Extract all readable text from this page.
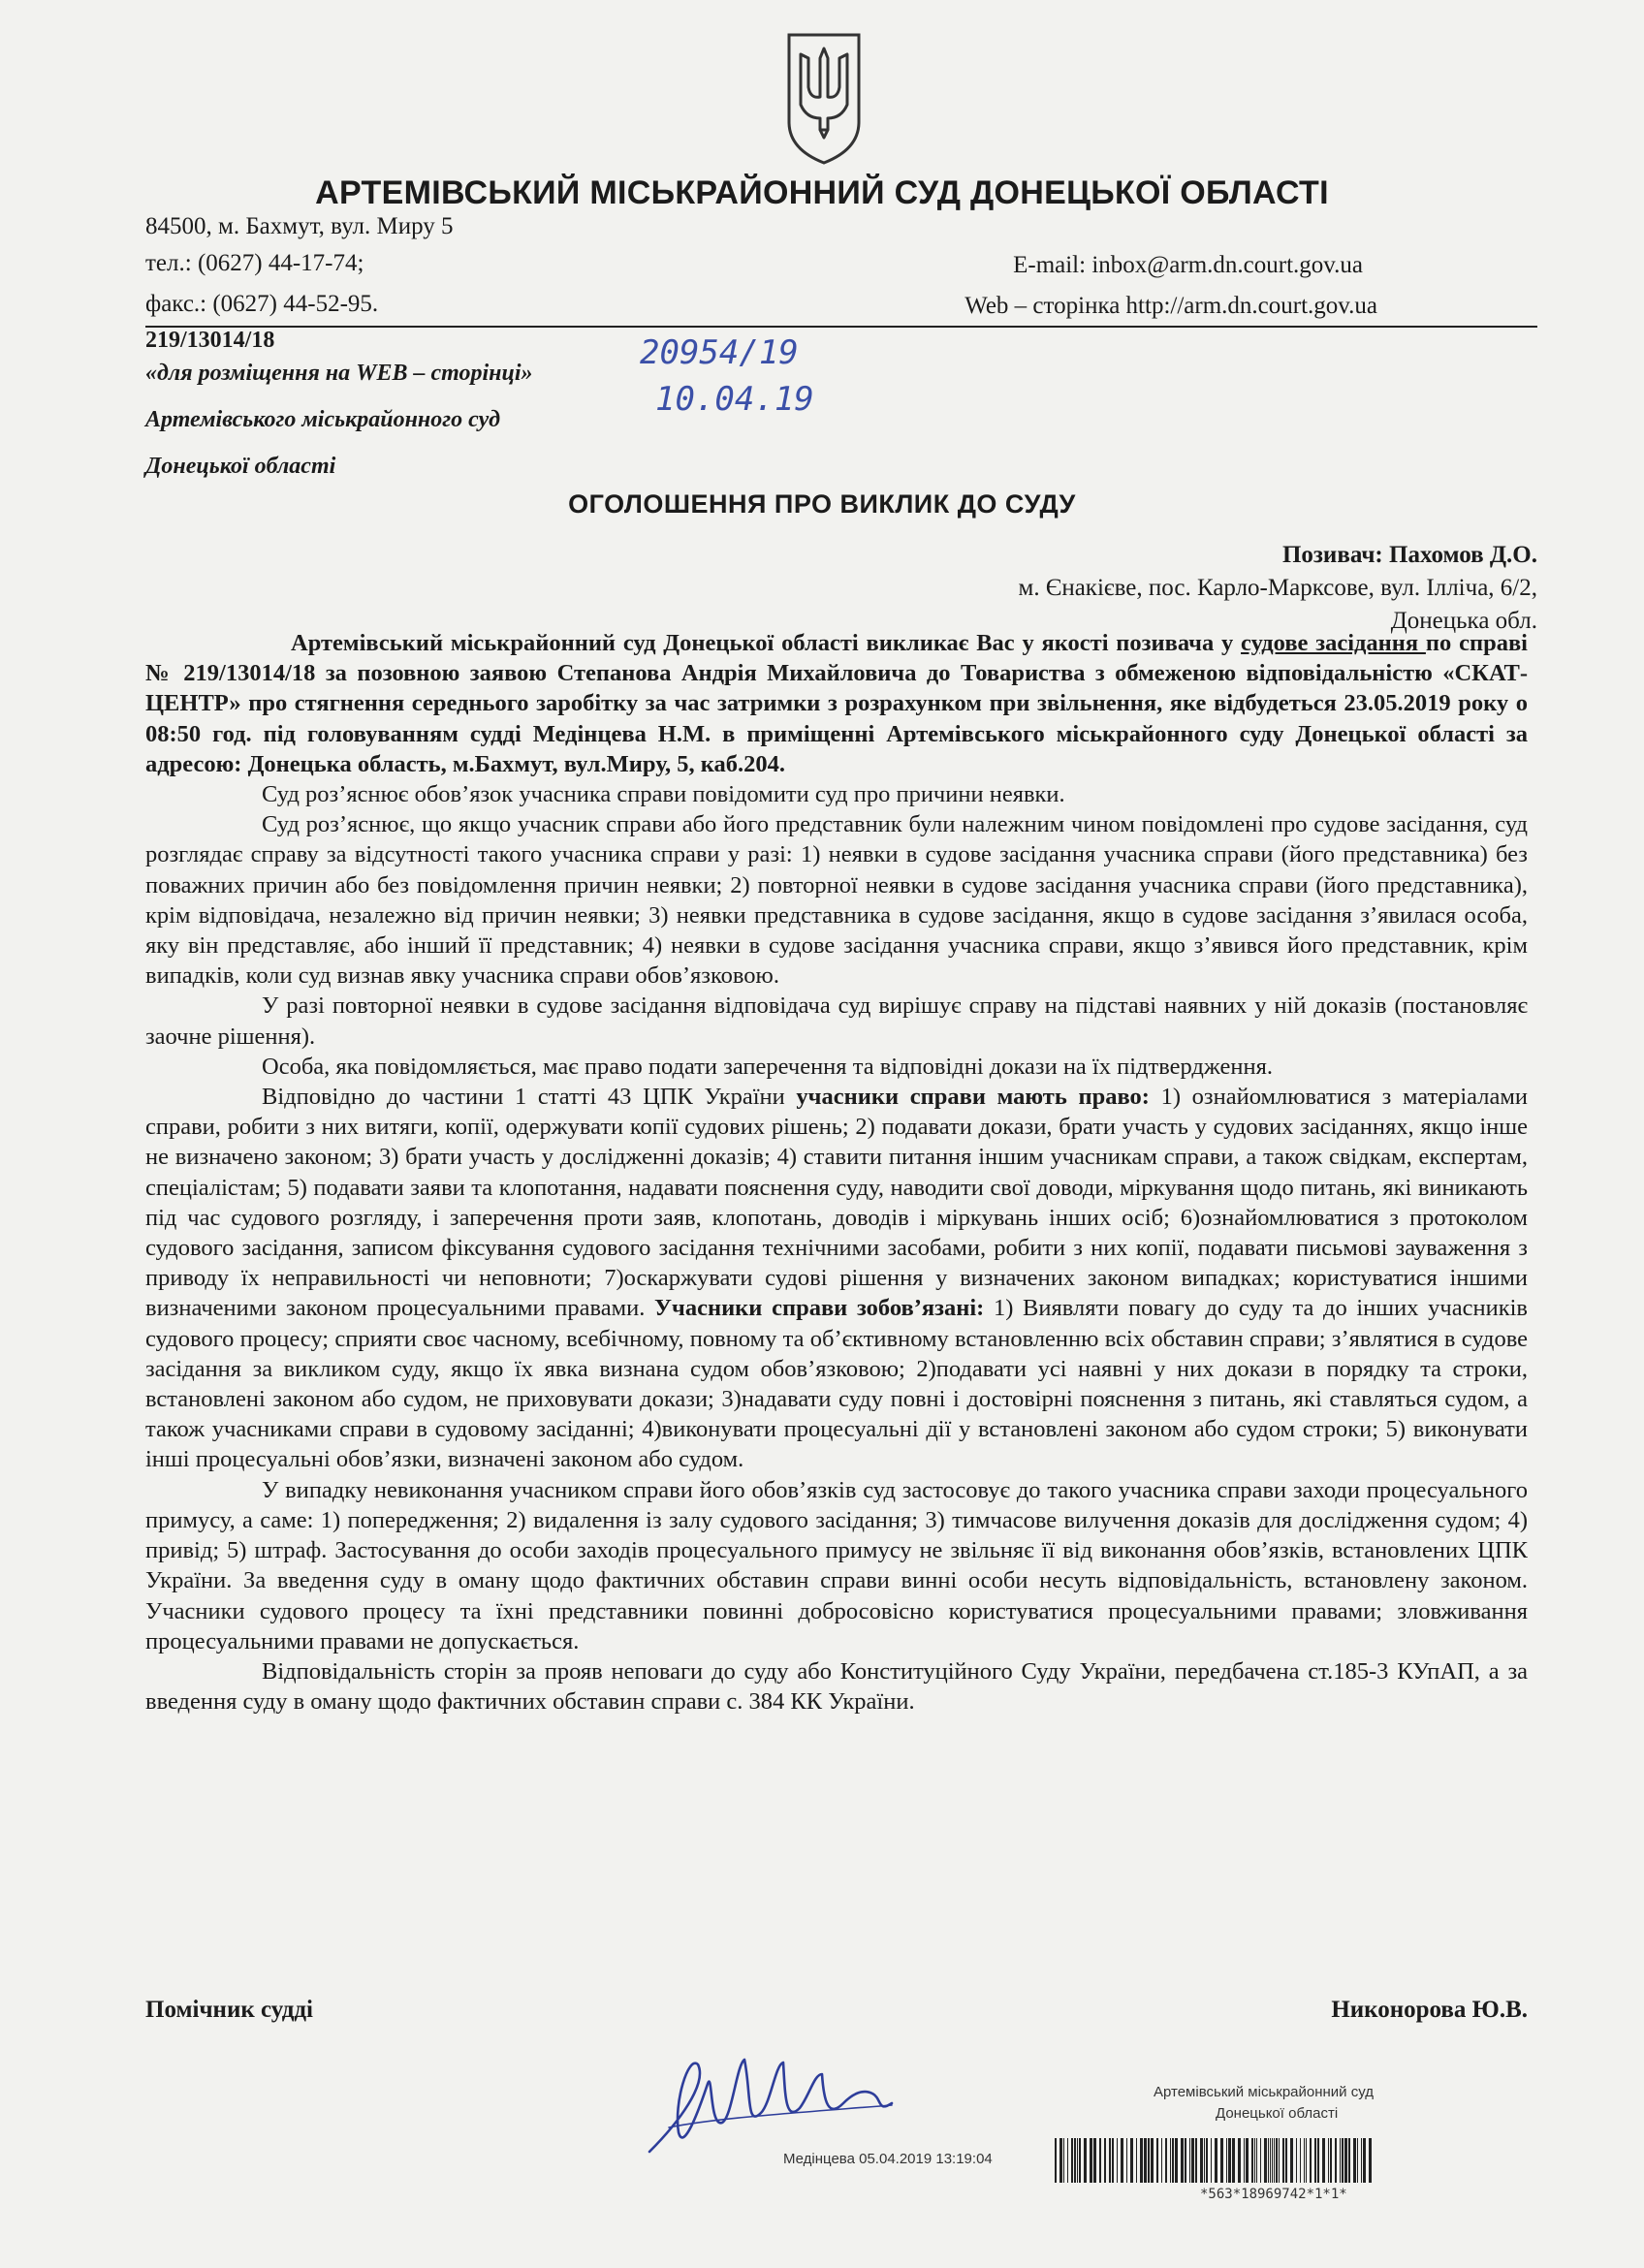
АРТЕМІВСЬКИЙ МІСЬКРАЙОННИЙ СУД ДОНЕЦЬКОЇ ОБЛАСТІ
84500, м. Бахмут, вул. Миру 5
тел.: (0627) 44-17-74;	E-mail: inbox@arm.dn.court.gov.ua
факс.: (0627) 44-52-95.	Web – сторінка http://arm.dn.court.gov.ua
219/13014/18
«для розміщення на WEB – сторінці»
Артемівського міськрайонного суд
Донецької області
20954/19
10.04.19
ОГОЛОШЕННЯ ПРО ВИКЛИК ДО СУДУ
Позивач: Пахомов Д.О.
м. Єнакієве, пос. Карло-Марксове, вул. Ілліча, 6/2,
Донецька обл.

Артемівський міськрайонний суд Донецької області викликає Вас у якості позивача у судове засідання по справі № 219/13014/18 за позовною заявою Степанова Андрія Михайловича до Товариства з обмеженою відповідальністю «СКАТ-ЦЕНТР» про стягнення середнього заробітку за час затримки з розрахунком при звільнення, яке відбудеться 23.05.2019 року о 08:50 год. під головуванням судді Медінцева Н.М. в приміщенні Артемівського міськрайонного суду Донецької області за адресою: Донецька область, м.Бахмут, вул.Миру, 5, каб.204.

Суд роз’яснює обов’язок учасника справи повідомити суд про причини неявки.

Суд роз’яснює, що якщо учасник справи або його представник були належним чином повідомлені про судове засідання, суд розглядає справу за відсутності такого учасника справи у разі: 1) неявки в судове засідання учасника справи (його представника) без поважних причин або без повідомлення причин неявки; 2) повторної неявки в судове засідання учасника справи (його представника), крім відповідача, незалежно від причин неявки; 3) неявки представника в судове засідання, якщо в судове засідання з’явилася особа, яку він представляє, або інший її представник; 4) неявки в судове засідання учасника справи, якщо з’явився його представник, крім випадків, коли суд визнав явку учасника справи обов’язковою.

У разі повторної неявки в судове засідання відповідача суд вирішує справу на підставі наявних у ній доказів (постановляє заочне рішення).

Особа, яка повідомляється, має право подати заперечення та відповідні докази на їх підтвердження.

Відповідно до частини 1 статті 43 ЦПК України учасники справи мають право: 1) ознайомлюватися з матеріалами справи, робити з них витяги, копії, одержувати копії судових рішень; 2) подавати докази, брати участь у судових засіданнях, якщо інше не визначено законом; 3) брати участь у дослідженні доказів; 4) ставити питання іншим учасникам справи, а також свідкам, експертам, спеціалістам; 5) подавати заяви та клопотання, надавати пояснення суду, наводити свої доводи, міркування щодо питань, які виникають під час судового розгляду, і заперечення проти заяв, клопотань, доводів і міркувань інших осіб; 6)ознайомлюватися з протоколом судового засідання, записом фіксування судового засідання технічними засобами, робити з них копії, подавати письмові зауваження з приводу їх неправильності чи неповноти; 7)оскаржувати судові рішення у визначених законом випадках; користуватися іншими визначеними законом процесуальними правами. Учасники справи зобов’язані: 1) Виявляти повагу до суду та до інших учасників судового процесу; сприяти своє часному, всебічному, повному та об’єктивному встановленню всіх обставин справи; з’являтися в судове засідання за викликом суду, якщо їх явка визнана судом обов’язковою; 2)подавати усі наявні у них докази в порядку та строки, встановлені законом або судом, не приховувати докази; 3)надавати суду повні і достовірні пояснення з питань, які ставляться судом, а також учасниками справи в судовому засіданні; 4)виконувати процесуальні дії у встановлені законом або судом строки; 5) виконувати інші процесуальні обов’язки, визначені законом або судом.

У випадку невиконання учасником справи його обов’язків суд застосовує до такого учасника справи заходи процесуального примусу, а саме: 1) попередження; 2) видалення із залу судового засідання; 3) тимчасове вилучення доказів для дослідження судом; 4) привід; 5) штраф. Застосування до особи заходів процесуального примусу не звільняє її від виконання обов’язків, встановлених ЦПК України. За введення суду в оману щодо фактичних обставин справи винні особи несуть відповідальність, встановлену законом. Учасники судового процесу та їхні представники повинні добросовісно користуватися процесуальними правами; зловживання процесуальними правами не допускається.

Відповідальність сторін за прояв неповаги до суду або Конституційного Суду України, передбачена ст.185-3 КУпАП, а за введення суду в оману щодо фактичних обставин справи с. 384 КК України.

Помічник судді	Никонорова Ю.В.
Артемівський міськрайонний суд
Донецької області
Медінцева 05.04.2019 13:19:04
*563*18969742*1*1*
